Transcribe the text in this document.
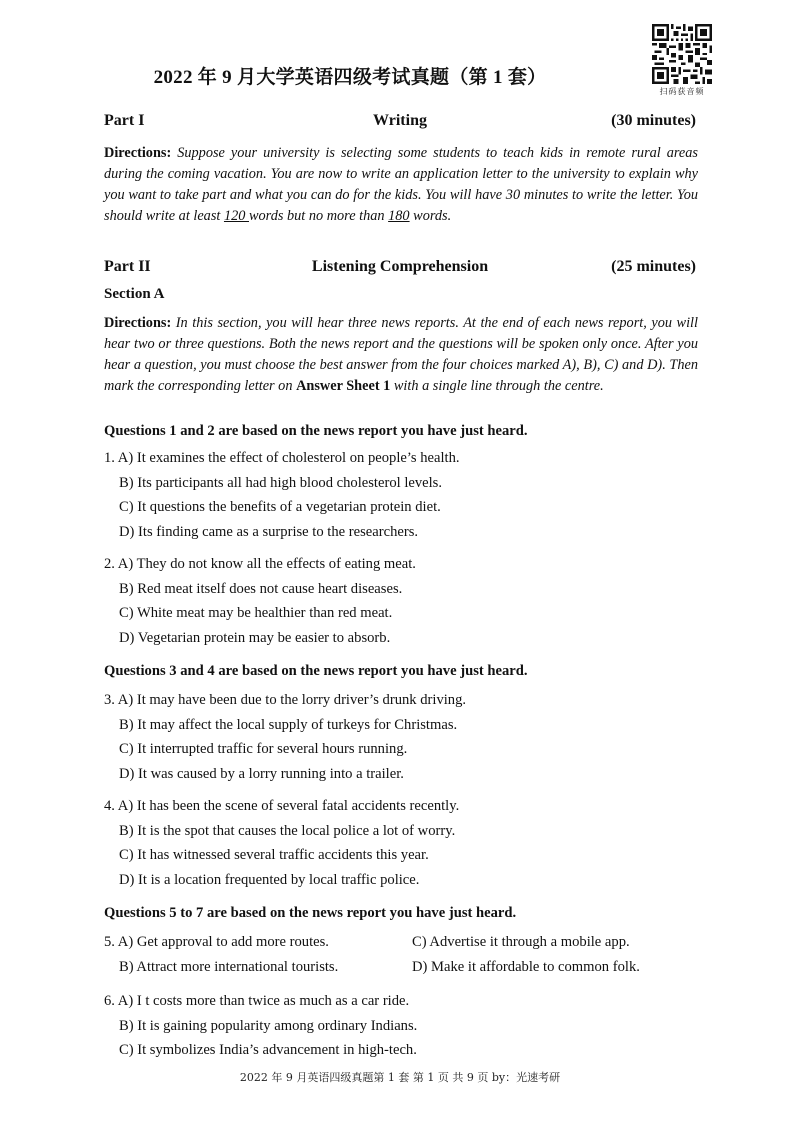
扫码获音频
2022 年 9 月大学英语四级考试真题（第 1 套）
Part I	Writing	(30 minutes)
Directions: Suppose your university is selecting some students to teach kids in remote rural areas during the coming vacation. You are now to write an application letter to the university to explain why you want to take part and what you can do for the kids. You will have 30 minutes to write the letter. You should write at least 120 words but no more than 180 words.
Part II	Listening Comprehension	(25 minutes)
Section A
Directions: In this section, you will hear three news reports. At the end of each news report, you will hear two or three questions. Both the news report and the questions will be spoken only once. After you hear a question, you must choose the best answer from the four choices marked A), B), C) and D). Then mark the corresponding letter on Answer Sheet 1 with a single line through the centre.
Questions 1 and 2 are based on the news report you have just heard.
1. A) It examines the effect of cholesterol on people’s health.
B) Its participants all had high blood cholesterol levels.
C) It questions the benefits of a vegetarian protein diet.
D) Its finding came as a surprise to the researchers.
2. A) They do not know all the effects of eating meat.
B) Red meat itself does not cause heart diseases.
C) White meat may be healthier than red meat.
D) Vegetarian protein may be easier to absorb.
Questions 3 and 4 are based on the news report you have just heard.
3. A) It may have been due to the lorry driver’s drunk driving.
B) It may affect the local supply of turkeys for Christmas.
C) It interrupted traffic for several hours running.
D) It was caused by a lorry running into a trailer.
4. A) It has been the scene of several fatal accidents recently.
B) It is the spot that causes the local police a lot of worry.
C) It has witnessed several traffic accidents this year.
D) It is a location frequented by local traffic police.
Questions 5 to 7 are based on the news report you have just heard.
5. A) Get approval to add more routes.	C) Advertise it through a mobile app.
B) Attract more international tourists.	D) Make it affordable to common folk.
6. A) I t costs more than twice as much as a car ride.
B) It is gaining popularity among ordinary Indians.
C) It symbolizes India’s advancement in high-tech.
2022 年 9 月英语四级真题第 1 套 第 1 页 共 9 页 by：光速考研
